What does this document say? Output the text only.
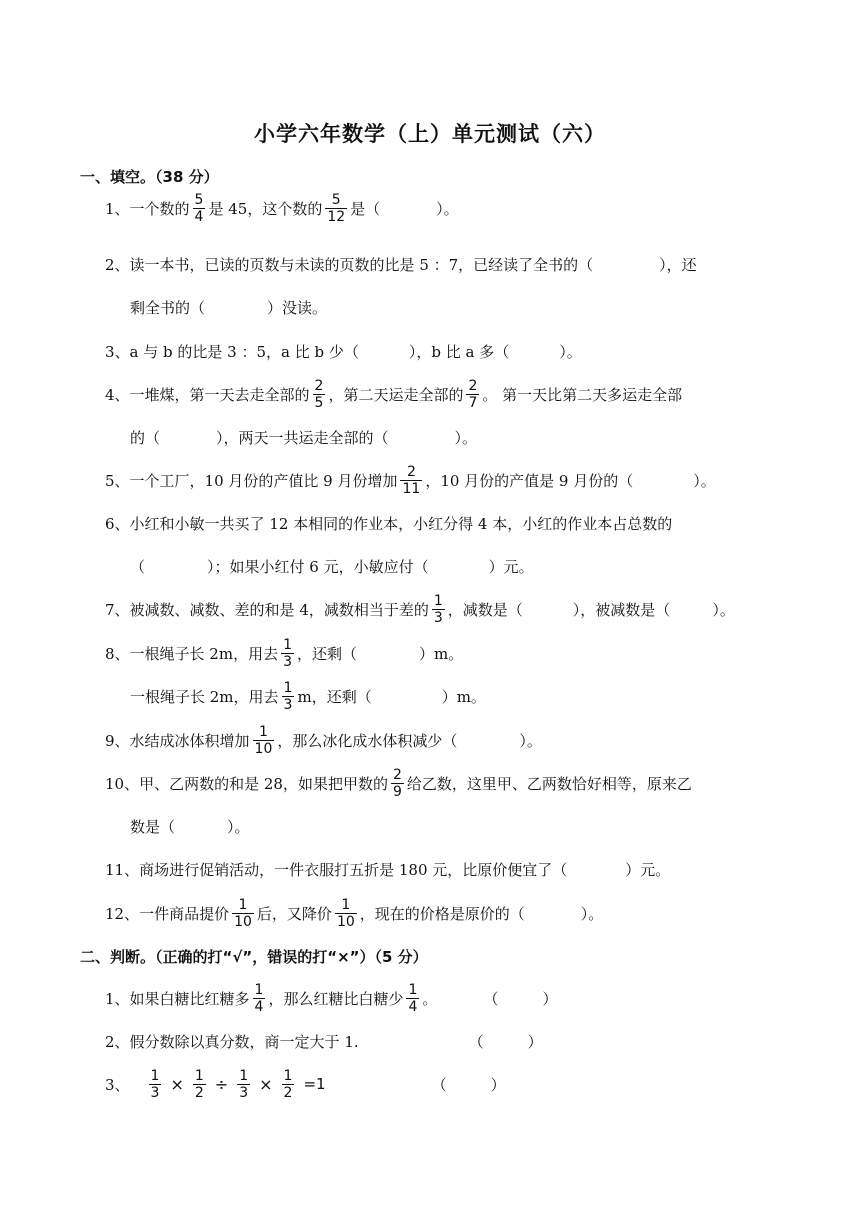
小学六年数学（上）单元测试（六）
一、填空。（38 分）
1、一个数的 $\frac{5}{4}$ 是 45，这个数的 $\frac{5}{12}$ 是（	）。
2、读一本书，已读的页数与未读的页数的比是 5 ：7，已经读了全书的（	），还
剩全书的（	）没读。
3、a 与 b 的比是 3 ：5，a 比 b 少（	），b 比 a 多（	）。
4、一堆煤，第一天去走全部的 $\frac{2}{5}$ ，第二天运走全部的 $\frac{2}{7}$ 。 第一天比第二天多运走全部
的（	），两天一共运走全部的（	）。
5、一个工厂，10 月份的产值比 9 月份增加 $\frac{2}{11}$ ，10 月份的产值是 9 月份的（	）。
6、小红和小敏一共买了 12 本相同的作业本，小红分得 4 本，小红的作业本占总数的
（	）；如果小红付 6 元，小敏应付（	）元。
7、被减数、减数、差的和是 4，减数相当于差的 $\frac{1}{3}$ ，减数是（	），被减数是（	）。
8、一根绳子长 2m，用去 $\frac{1}{3}$ ，还剩（	）m。
一根绳子长 2m，用去 $\frac{1}{3}$ m，还剩（	）m。
9、水结成冰体积增加 $\frac{1}{10}$ ，那么冰化成水体积减少（	）。
10、甲、乙两数的和是 28，如果把甲数的 $\frac{2}{9}$ 给乙数，这里甲、乙两数恰好相等，原来乙
数是（	）。
11、商场进行促销活动，一件衣服打五折是 180 元，比原价便宜了（	）元。
12、一件商品提价 $\frac{1}{10}$ 后，又降价 $\frac{1}{10}$ ，现在的价格是原价的（	）。
二、判断。（正确的打“√”，错误的打“×”）（5 分）
1、如果白糖比红糖多 $\frac{1}{4}$ ，那么红糖比白糖少 $\frac{1}{4}$ 。	（	）
2、假分数除以真分数，商一定大于 1.	（	）
3、 $\frac{1}{3} \times \frac{1}{2} \div \frac{1}{3} \times \frac{1}{2} =1$	（	）
